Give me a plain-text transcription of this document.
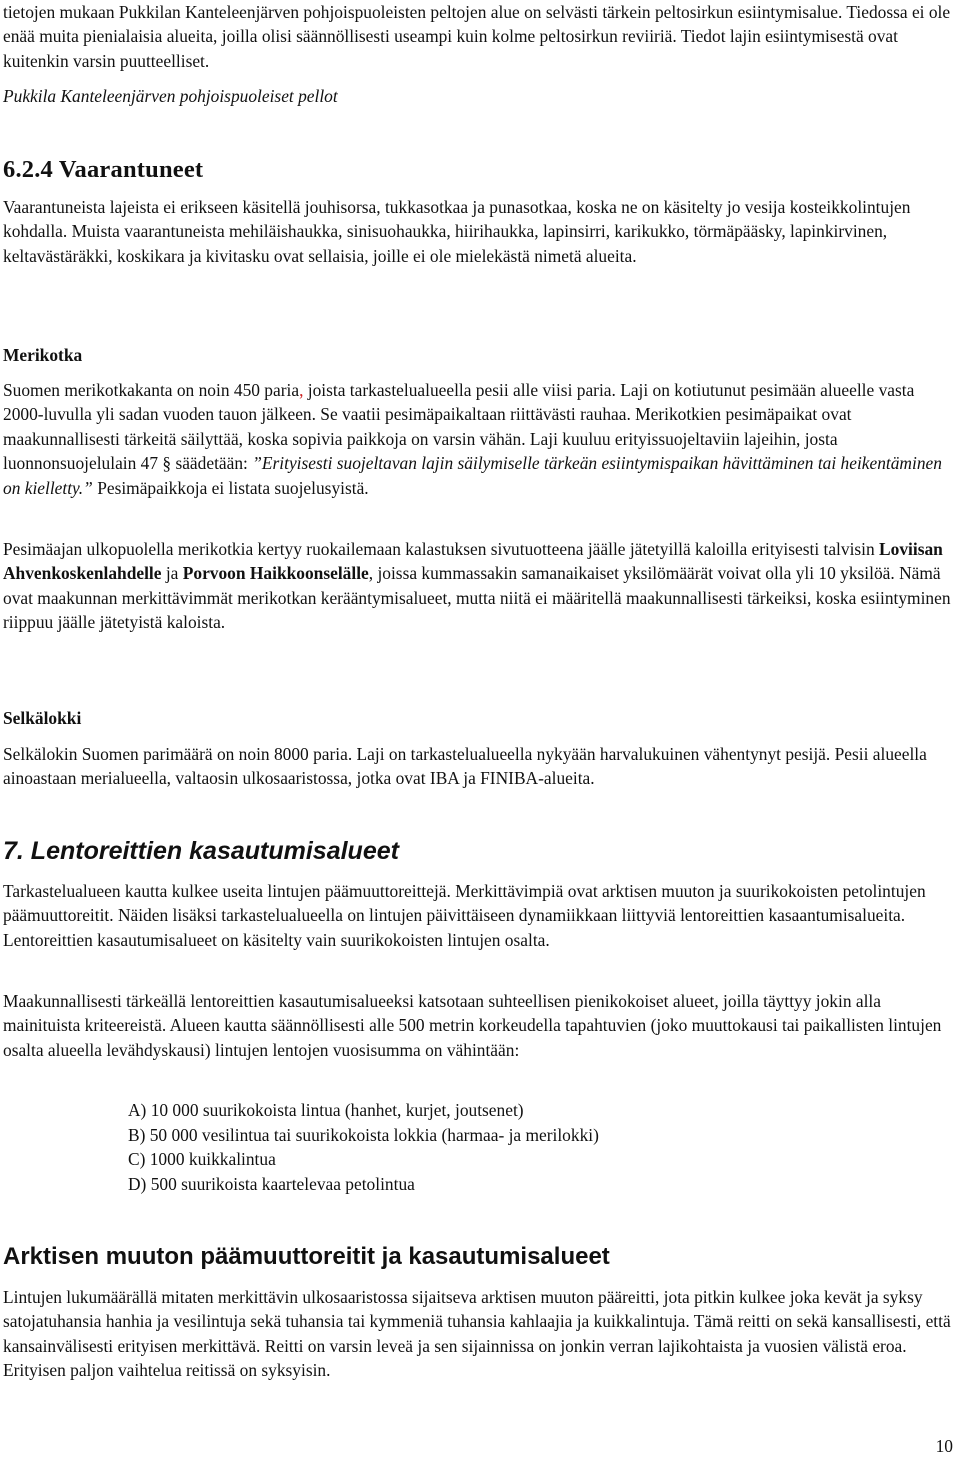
tietojen mukaan Pukkilan Kanteleenjärven pohjoispuoleisten peltojen alue on selvästi tärkein peltosirkun esiintymisalue. Tiedossa ei ole enää muita pienialaisia alueita, joilla olisi säännöllisesti useampi kuin kolme peltosirkun reviiriä. Tiedot lajin esiintymisestä ovat kuitenkin varsin puutteelliset.

Pukkila Kanteleenjärven pohjoispuoleiset pellot

6.2.4 Vaarantuneet

Vaarantuneista lajeista ei erikseen käsitellä jouhisorsa, tukkasotkaa ja punasotkaa, koska ne on käsitelty jo vesija kosteikkolintujen kohdalla. Muista vaarantuneista mehiläishaukka, sinisuohaukka, hiirihaukka, lapinsirri, karikukko, törmäpääsky, lapinkirvinen, keltavästäräkki, koskikara ja kivitasku ovat sellaisia, joille ei ole mielekästä nimetä alueita.

Merikotka

Suomen merikotkakanta on noin 450 paria, joista tarkastelualueella pesii alle viisi paria. Laji on kotiutunut pesimään alueelle vasta 2000-luvulla yli sadan vuoden tauon jälkeen. Se vaatii pesimäpaikaltaan riittävästi rauhaa. Merikotkien pesimäpaikat ovat maakunnallisesti tärkeitä säilyttää, koska sopivia paikkoja on varsin vähän. Laji kuuluu erityissuojeltaviin lajeihin, josta luonnonsuojelulain 47 § säädetään: ”Erityisesti suojeltavan lajin säilymiselle tärkeän esiintymispaikan hävittäminen tai heikentäminen on kielletty.” Pesimäpaikkoja ei listata suojelusyistä.

Pesimäajan ulkopuolella merikotkia kertyy ruokailemaan kalastuksen sivutuotteena jäälle jätetyillä kaloilla erityisesti talvisin Loviisan Ahvenkoskenlahdelle ja Porvoon Haikkoonselälle, joissa kummassakin samanaikaiset yksilömäärät voivat olla yli 10 yksilöä. Nämä ovat maakunnan merkittävimmät merikotkan kerääntymisalueet, mutta niitä ei määritellä maakunnallisesti tärkeiksi, koska esiintyminen riippuu jäälle jätetyistä kaloista.

Selkälokki

Selkälokin Suomen parimäärä on noin 8000 paria. Laji on tarkastelualueella nykyään harvalukuinen vähentynyt pesijä. Pesii alueella ainoastaan merialueella, valtaosin ulkosaaristossa, jotka ovat IBA ja FINIBA-alueita.

7. Lentoreittien kasautumisalueet

Tarkastelualueen kautta kulkee useita lintujen päämuuttoreittejä. Merkittävimpiä ovat arktisen muuton ja suurikokoisten petolintujen päämuuttoreitit. Näiden lisäksi tarkastelualueella on lintujen päivittäiseen dynamiikkaan liittyviä lentoreittien kasaantumisalueita. Lentoreittien kasautumisalueet on käsitelty vain suurikokoisten lintujen osalta.

Maakunnallisesti tärkeällä lentoreittien kasautumisalueeksi katsotaan suhteellisen pienikokoiset alueet, joilla täyttyy jokin alla mainituista kriteereistä. Alueen kautta säännöllisesti alle 500 metrin korkeudella tapahtuvien (joko muuttokausi tai paikallisten lintujen osalta alueella levähdyskausi) lintujen lentojen vuosisumma on vähintään:

A) 10 000 suurikokoista lintua (hanhet, kurjet, joutsenet)
B) 50 000 vesilintua tai suurikokoista lokkia (harmaa- ja merilokki)
C) 1000 kuikkalintua
D) 500 suurikoista kaartelevaa petolintua
Arktisen muuton päämuuttoreitit ja kasautumisalueet

Lintujen lukumäärällä mitaten merkittävin ulkosaaristossa sijaitseva arktisen muuton pääreitti, jota pitkin kulkee joka kevät ja syksy satojatuhansia hanhia ja vesilintuja sekä tuhansia tai kymmeniä tuhansia kahlaajia ja kuikkalintuja. Tämä reitti on sekä kansallisesti, että kansainvälisesti erityisen merkittävä. Reitti on varsin leveä ja sen sijainnissa on jonkin verran lajikohtaista ja vuosien välistä eroa. Erityisen paljon vaihtelua reitissä on syksyisin.

10
